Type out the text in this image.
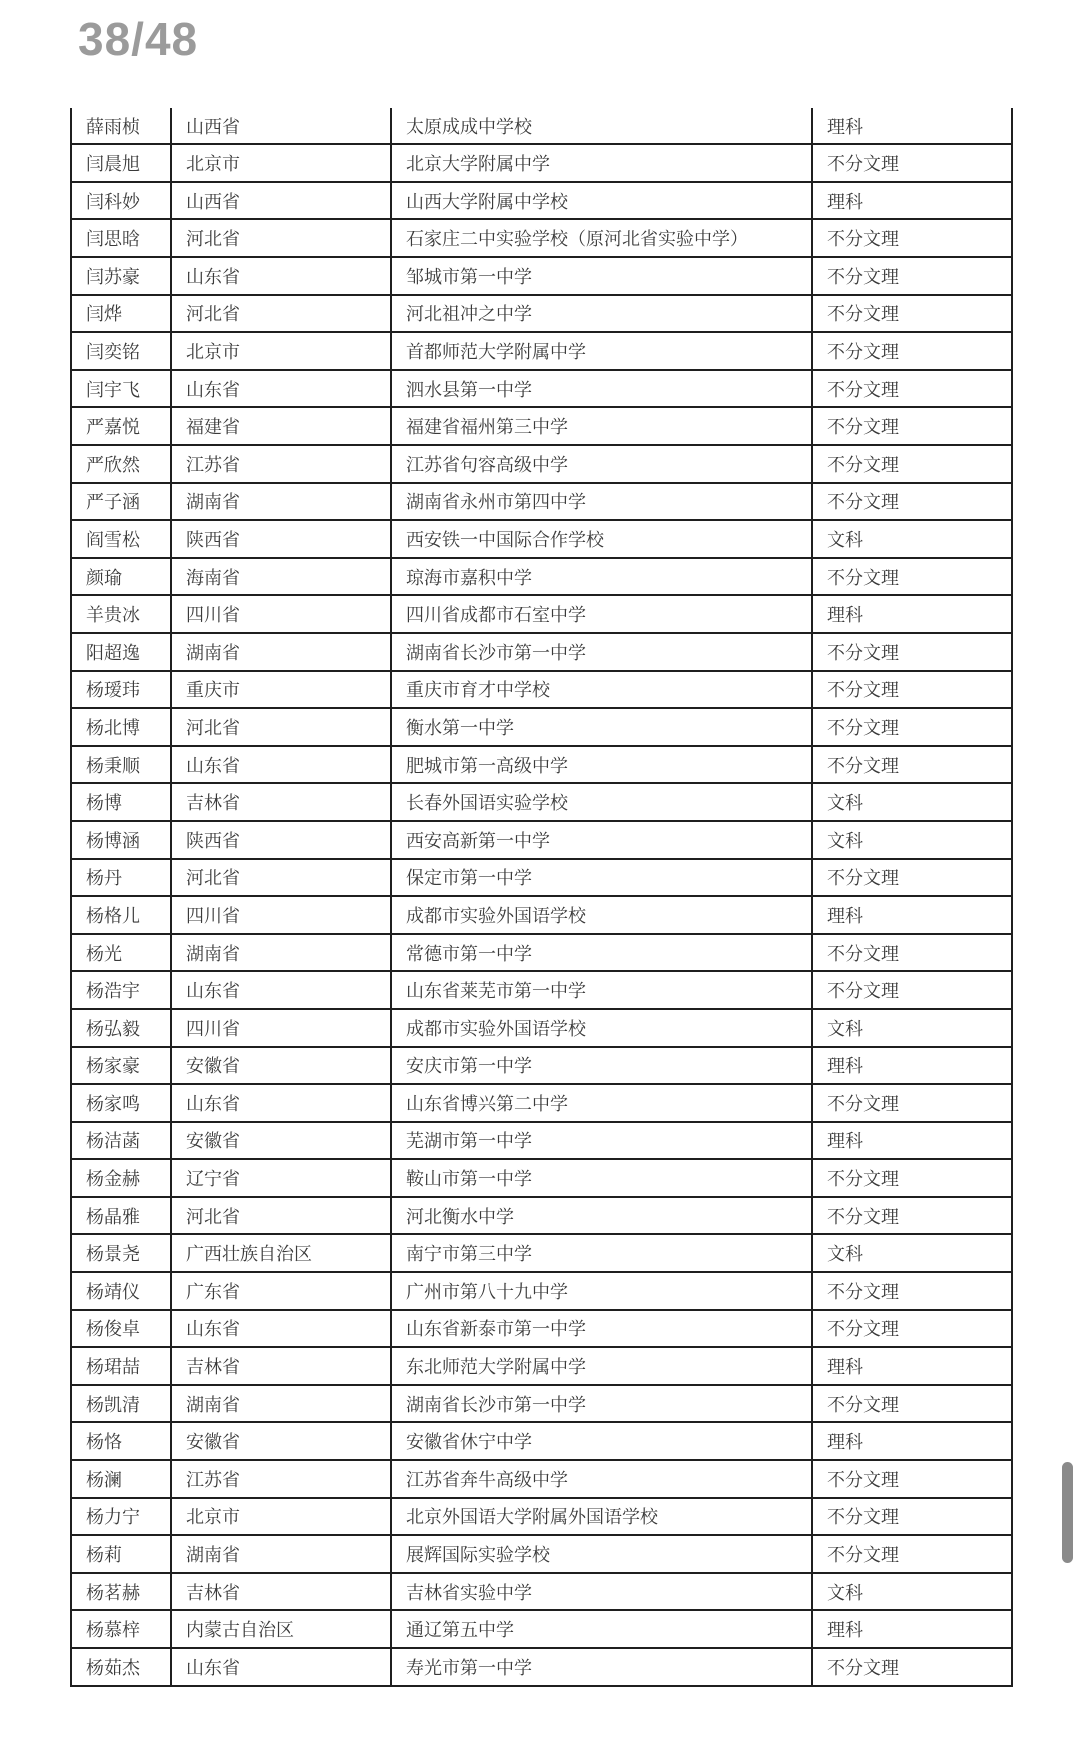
38/48
薛雨桢	山西省	太原成成中学校	理科
闫晨旭	北京市	北京大学附属中学	不分文理
闫科妙	山西省	山西大学附属中学校	理科
闫思晗	河北省	石家庄二中实验学校（原河北省实验中学）	不分文理
闫苏豪	山东省	邹城市第一中学	不分文理
闫烨	河北省	河北祖冲之中学	不分文理
闫奕铭	北京市	首都师范大学附属中学	不分文理
闫宇飞	山东省	泗水县第一中学	不分文理
严嘉悦	福建省	福建省福州第三中学	不分文理
严欣然	江苏省	江苏省句容高级中学	不分文理
严子涵	湖南省	湖南省永州市第四中学	不分文理
阎雪松	陕西省	西安铁一中国际合作学校	文科
颜瑜	海南省	琼海市嘉积中学	不分文理
羊贵冰	四川省	四川省成都市石室中学	理科
阳超逸	湖南省	湖南省长沙市第一中学	不分文理
杨瑷玮	重庆市	重庆市育才中学校	不分文理
杨北博	河北省	衡水第一中学	不分文理
杨秉顺	山东省	肥城市第一高级中学	不分文理
杨博	吉林省	长春外国语实验学校	文科
杨博涵	陕西省	西安高新第一中学	文科
杨丹	河北省	保定市第一中学	不分文理
杨格儿	四川省	成都市实验外国语学校	理科
杨光	湖南省	常德市第一中学	不分文理
杨浩宇	山东省	山东省莱芜市第一中学	不分文理
杨弘毅	四川省	成都市实验外国语学校	文科
杨家豪	安徽省	安庆市第一中学	理科
杨家鸣	山东省	山东省博兴第二中学	不分文理
杨洁菡	安徽省	芜湖市第一中学	理科
杨金赫	辽宁省	鞍山市第一中学	不分文理
杨晶雅	河北省	河北衡水中学	不分文理
杨景尧	广西壮族自治区	南宁市第三中学	文科
杨靖仪	广东省	广州市第八十九中学	不分文理
杨俊卓	山东省	山东省新泰市第一中学	不分文理
杨珺喆	吉林省	东北师范大学附属中学	理科
杨凯清	湖南省	湖南省长沙市第一中学	不分文理
杨恪	安徽省	安徽省休宁中学	理科
杨澜	江苏省	江苏省奔牛高级中学	不分文理
杨力宁	北京市	北京外国语大学附属外国语学校	不分文理
杨莉	湖南省	展辉国际实验学校	不分文理
杨茗赫	吉林省	吉林省实验中学	文科
杨慕梓	内蒙古自治区	通辽第五中学	理科
杨茹杰	山东省	寿光市第一中学	不分文理
